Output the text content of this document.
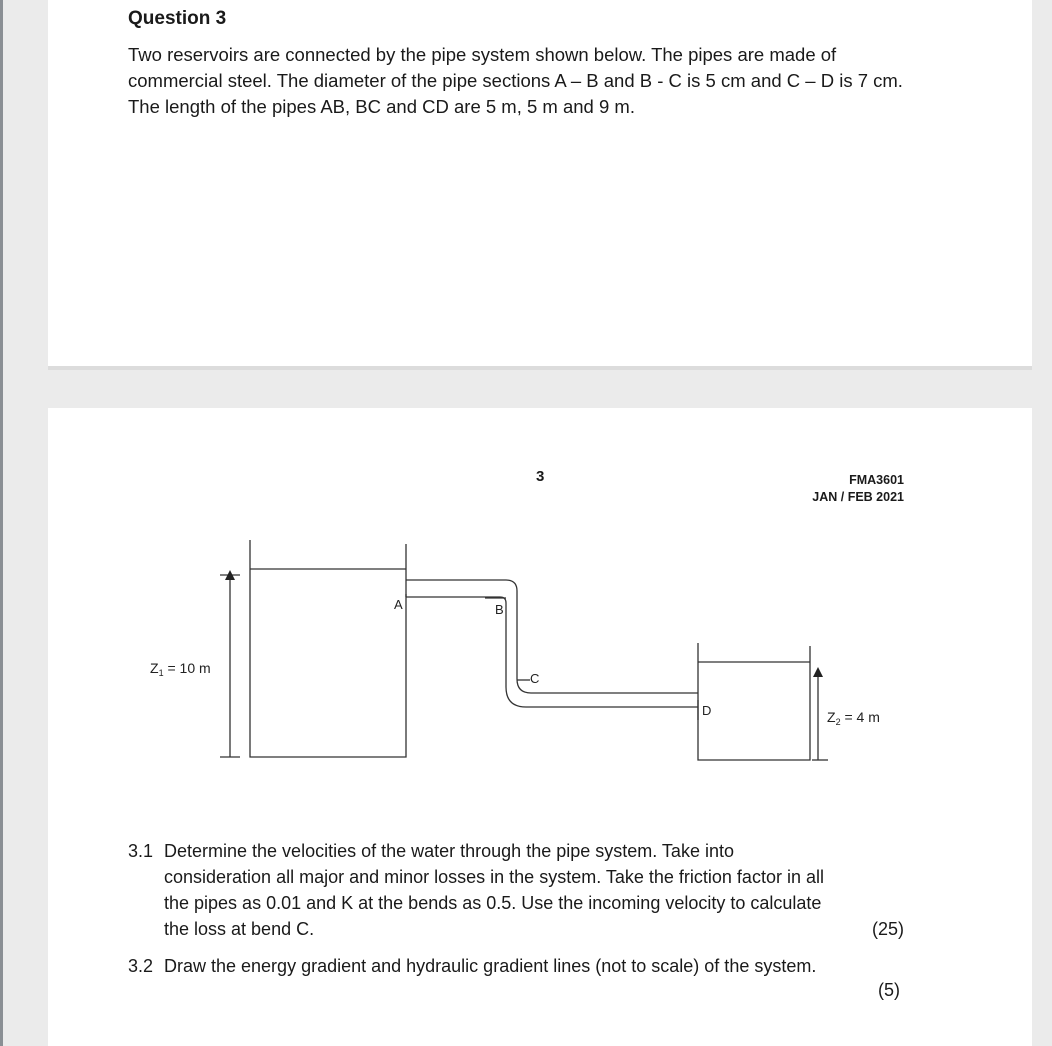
Question 3

Two reservoirs are connected by the pipe system shown below. The pipes are made of commercial steel. The diameter of the pipe sections A – B and B - C is 5 cm and C – D is 7 cm. The length of the pipes AB, BC and CD are 5 m, 5 m and 9 m.

3	FMA3601
JAN / FEB 2021
A	B
C
D
$Z_1 = 10$ m
$Z_2 = 4$ m
3.1 Determine the velocities of the water through the pipe system. Take into
consideration all major and minor losses in the system. Take the friction factor in all
the pipes as 0.01 and K at the bends as 0.5. Use the incoming velocity to calculate
the loss at bend C.	(25)
3.2 Draw the energy gradient and hydraulic gradient lines (not to scale) of the system.
(5)
